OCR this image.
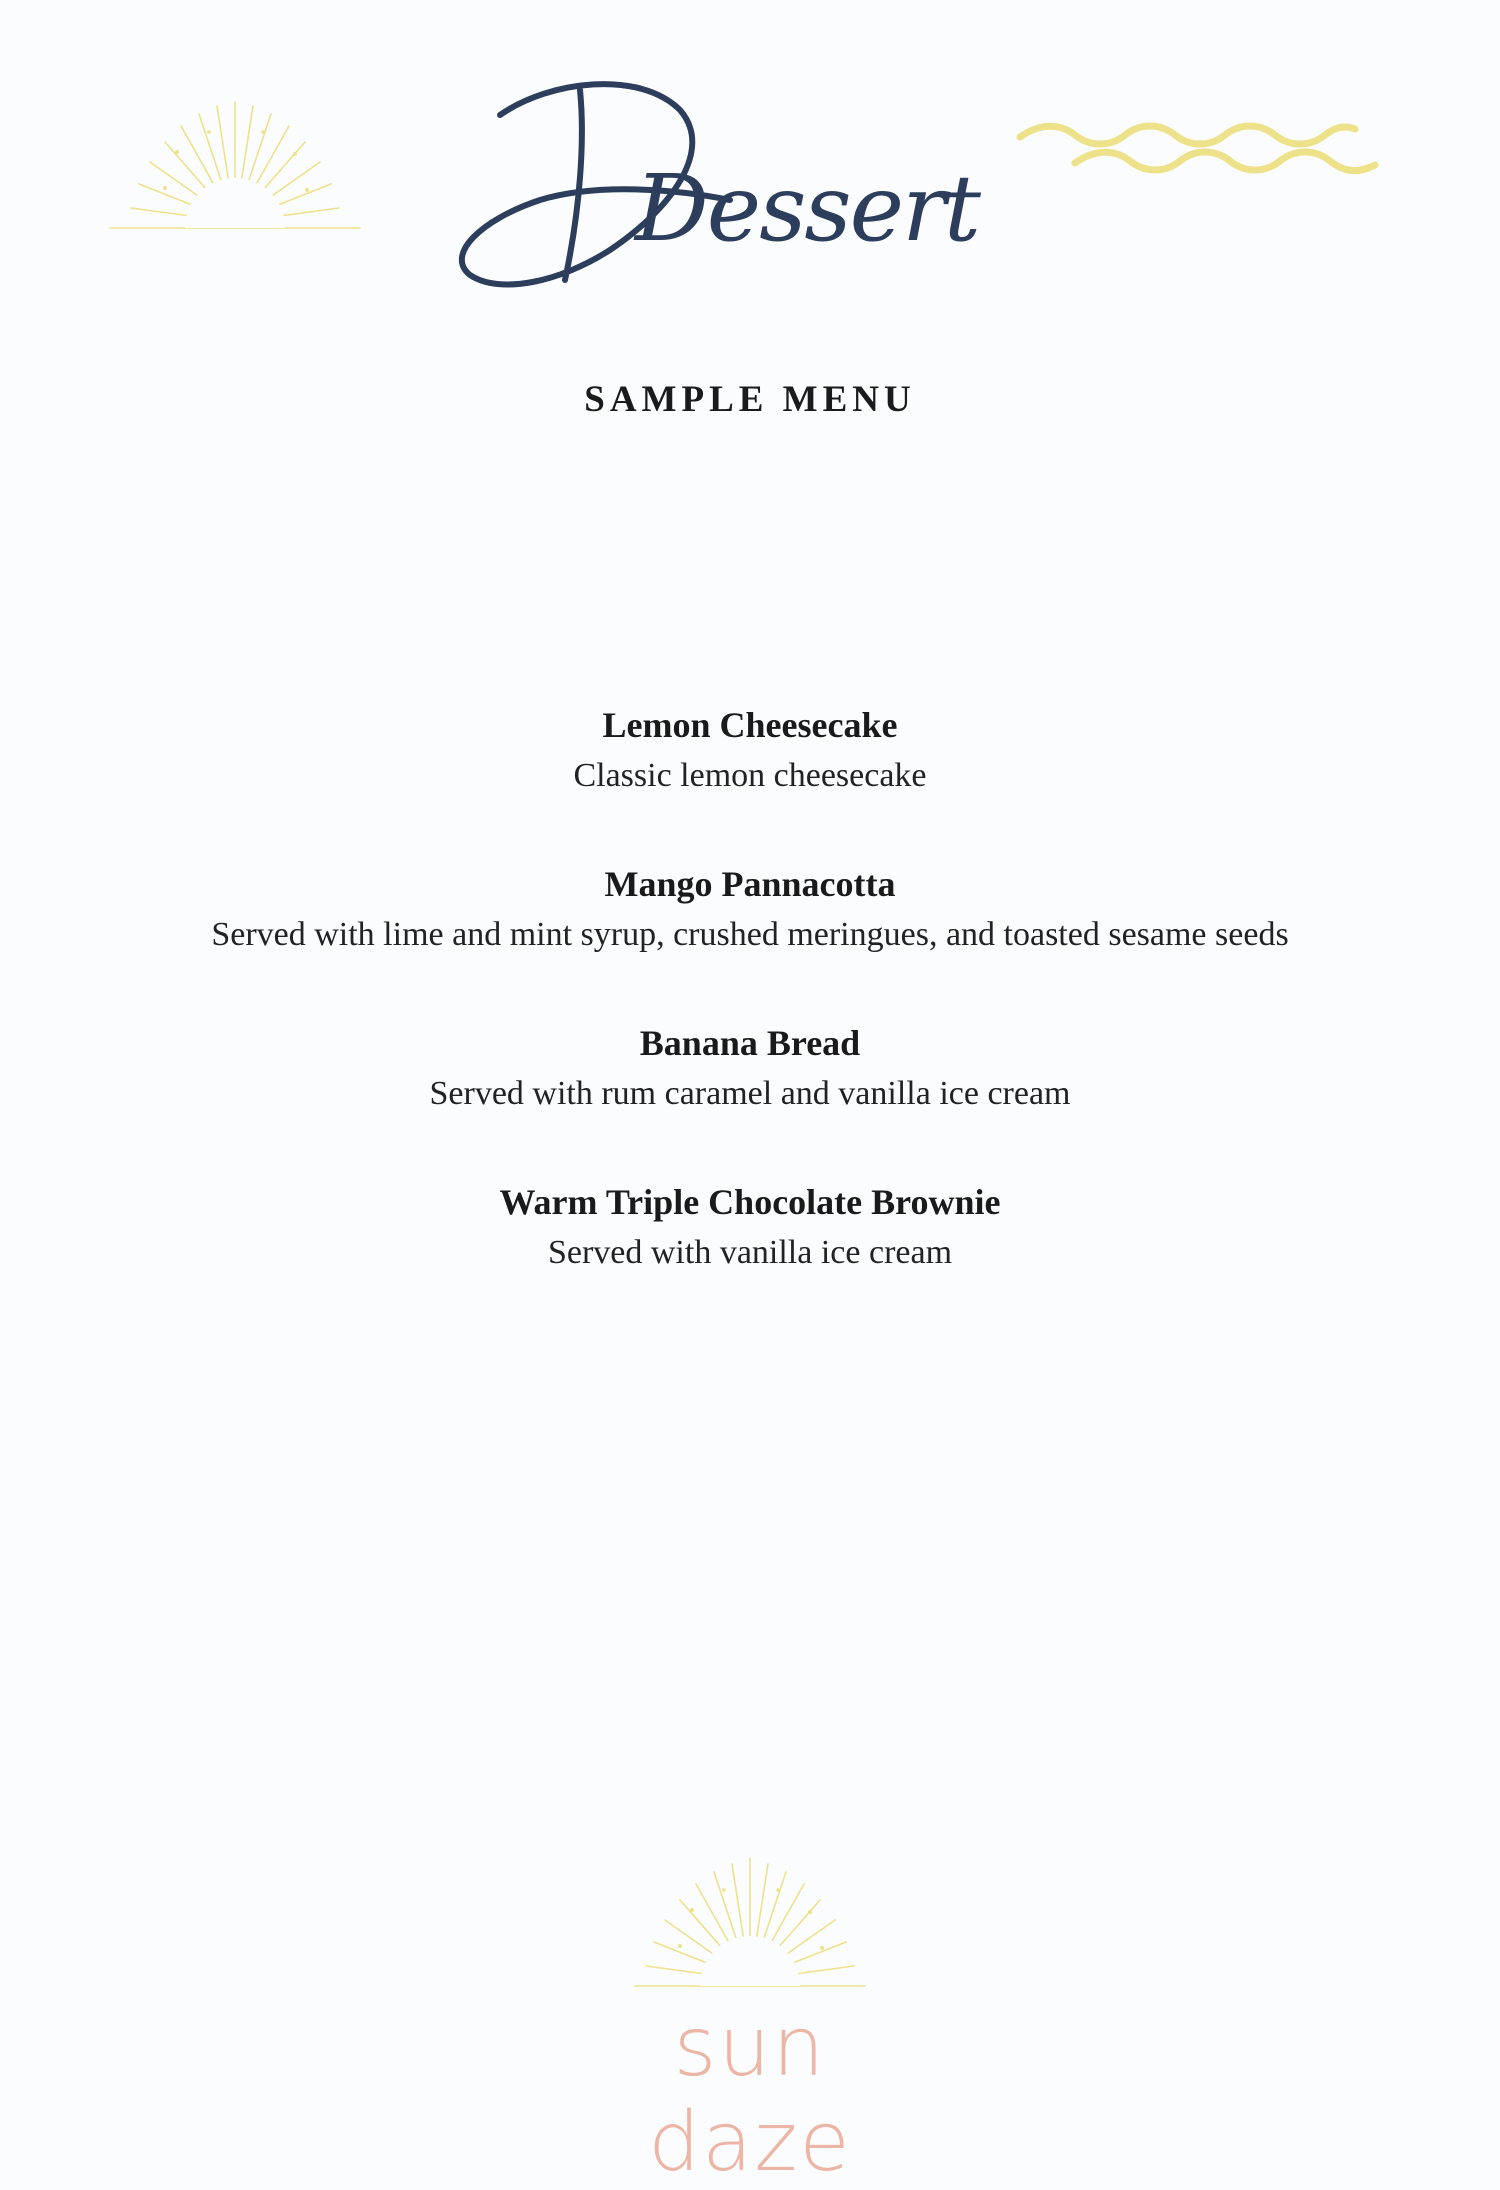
Dessert
SAMPLE MENU

Lemon Cheesecake

Classic lemon cheesecake

Mango Pannacotta

Served with lime and mint syrup, crushed meringues, and toasted sesame seeds

Banana Bread

Served with rum caramel and vanilla ice cream

Warm Triple Chocolate Brownie

Served with vanilla ice cream

sun daze
